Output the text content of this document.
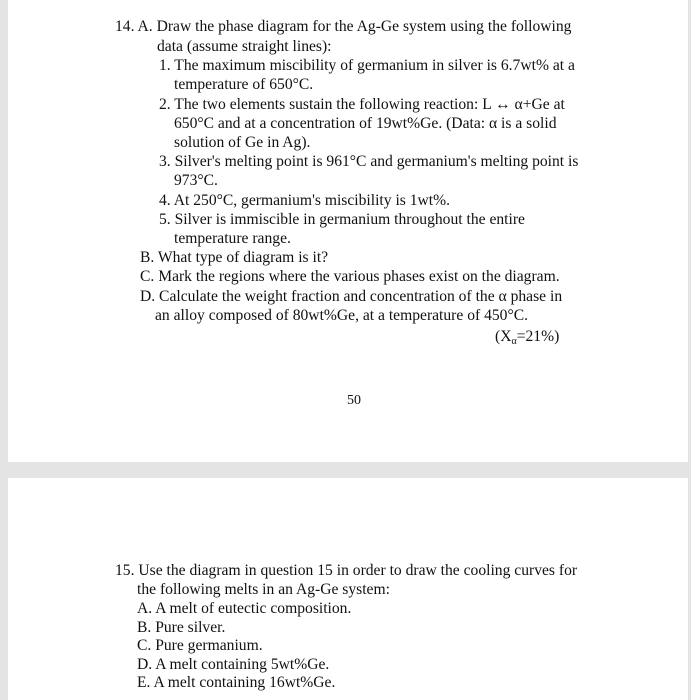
14. A. Draw the phase diagram for the Ag-Ge system using the following
data (assume straight lines):
1. The maximum miscibility of germanium in silver is 6.7wt% at a
temperature of 650°C.
2. The two elements sustain the following reaction: L ↔ α+Ge at
650°C and at a concentration of 19wt%Ge. (Data: α is a solid
solution of Ge in Ag).
3. Silver's melting point is 961°C and germanium's melting point is
973°C.
4. At 250°C, germanium's miscibility is 1wt%.
5. Silver is immiscible in germanium throughout the entire
temperature range.
B. What type of diagram is it?
C. Mark the regions where the various phases exist on the diagram.
D. Calculate the weight fraction and concentration of the α phase in
an alloy composed of 80wt%Ge, at a temperature of 450°C.
$(X_\alpha=21\%)$
50
15. Use the diagram in question 15 in order to draw the cooling curves for
the following melts in an Ag-Ge system:
A. A melt of eutectic composition.
B. Pure silver.
C. Pure germanium.
D. A melt containing 5wt%Ge.
E. A melt containing 16wt%Ge.
